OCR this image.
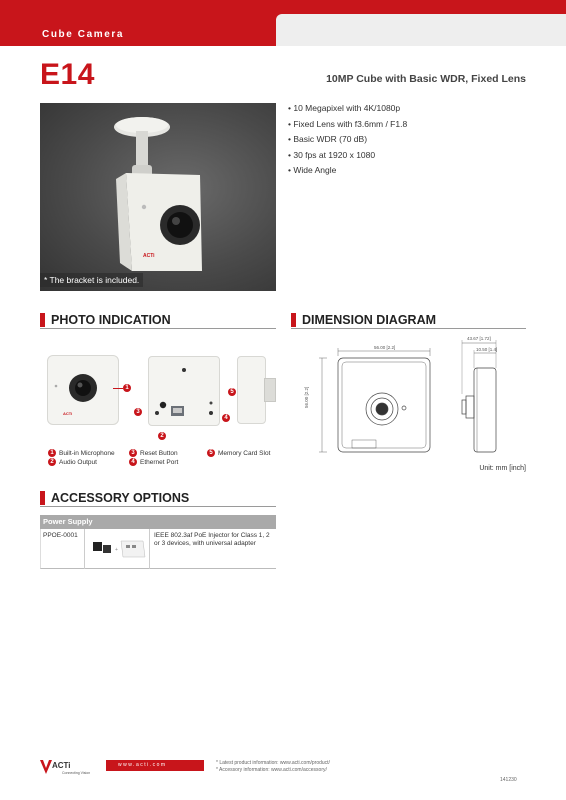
Cube Camera
E14	10MP Cube with Basic WDR, Fixed Lens
ACTi
* The bracket is included.
• 10 Megapixel with 4K/1080p
• Fixed Lens with f3.6mm / F1.8
• Basic WDR (70 dB)
• 30 fps at 1920 x 1080
• Wide Angle
PHOTO INDICATION	DIMENSION DIAGRAM
ACTi
1
3
4
2
5
1 Built-in Microphone
2 Audio Output
3 Reset Button
4 Ethernet Port
5 Memory Card Slot
56.00 [2.2]
56.00 [2.2]
43.67 [1.72]
10.50 [1.4]
Unit: mm [inch]
ACCESSORY OPTIONS
Power Supply
PPOE-0001
+
IEEE 802.3af PoE Injector for Class 1, 2 or 3 devices, with universal adapter
ACTi
Connecting Vision
www.acti.com	* Latest product information: www.acti.com/product/
* Accessory information: www.acti.com/accessory/
141230
